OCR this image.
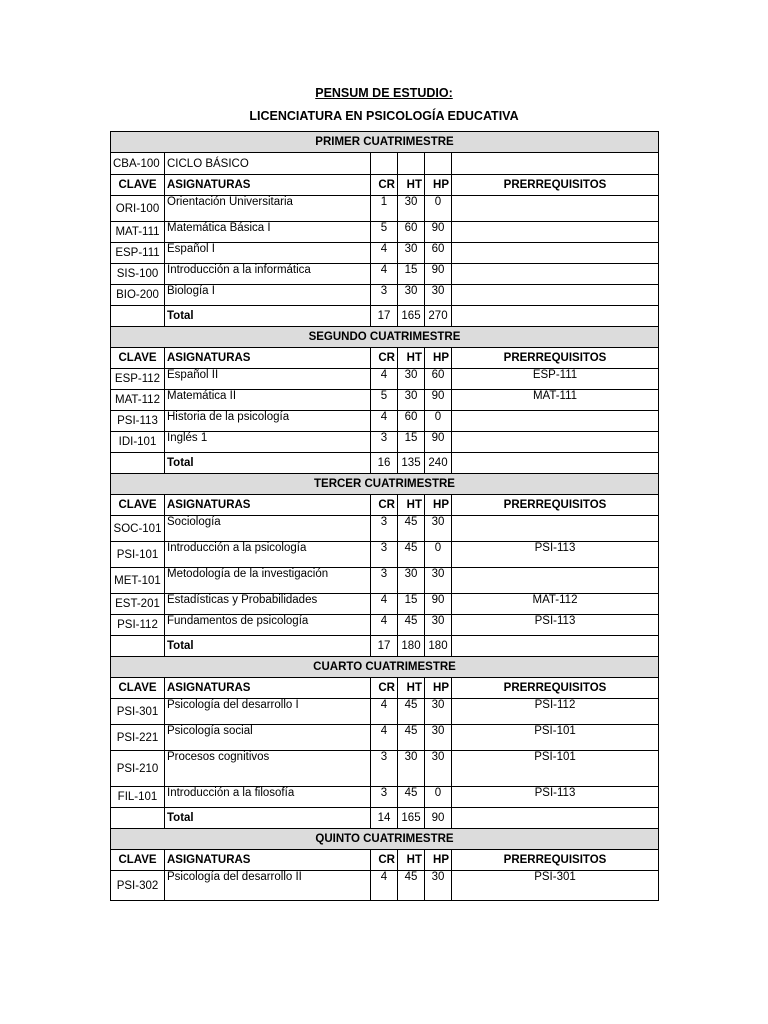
PENSUM DE ESTUDIO:
LICENCIATURA EN PSICOLOGÍA EDUCATIVA
PRIMER CUATRIMESTRE					
CBA-100	CICLO BÁSICO				
CLAVE	ASIGNATURAS	CR	HT	HP	PRERREQUISITOS
ORI-100	Orientación Universitaria	1	30	0	
MAT-111	Matemática Básica I	5	60	90	
ESP-111	Español I	4	30	60	
SIS-100	Introducción a la informática	4	15	90	
BIO-200	Biología I	3	30	30	
	Total	17	165	270	
SEGUNDO CUATRIMESTRE					
CLAVE	ASIGNATURAS	CR	HT	HP	PRERREQUISITOS
ESP-112	Español II	4	30	60	ESP-111
MAT-112	Matemática II	5	30	90	MAT-111
PSI-113	Historia de la psicología	4	60	0	
IDI-101	Inglés 1	3	15	90	
	Total	16	135	240	
TERCER CUATRIMESTRE					
CLAVE	ASIGNATURAS	CR	HT	HP	PRERREQUISITOS
SOC-101	Sociología	3	45	30	
PSI-101	Introducción a la psicología	3	45	0	PSI-113
MET-101	Metodología de la investigación	3	30	30	
EST-201	Estadísticas y Probabilidades	4	15	90	MAT-112
PSI-112	Fundamentos de psicología	4	45	30	PSI-113
	Total	17	180	180	
CUARTO CUATRIMESTRE					
CLAVE	ASIGNATURAS	CR	HT	HP	PRERREQUISITOS
PSI-301	Psicología del desarrollo I	4	45	30	PSI-112
PSI-221	Psicología social	4	45	30	PSI-101
PSI-210	Procesos cognitivos	3	30	30	PSI-101
FIL-101	Introducción a la filosofía	3	45	0	PSI-113
	Total	14	165	90	
QUINTO CUATRIMESTRE					
CLAVE	ASIGNATURAS	CR	HT	HP	PRERREQUISITOS
PSI-302	Psicología del desarrollo II	4	45	30	PSI-301
